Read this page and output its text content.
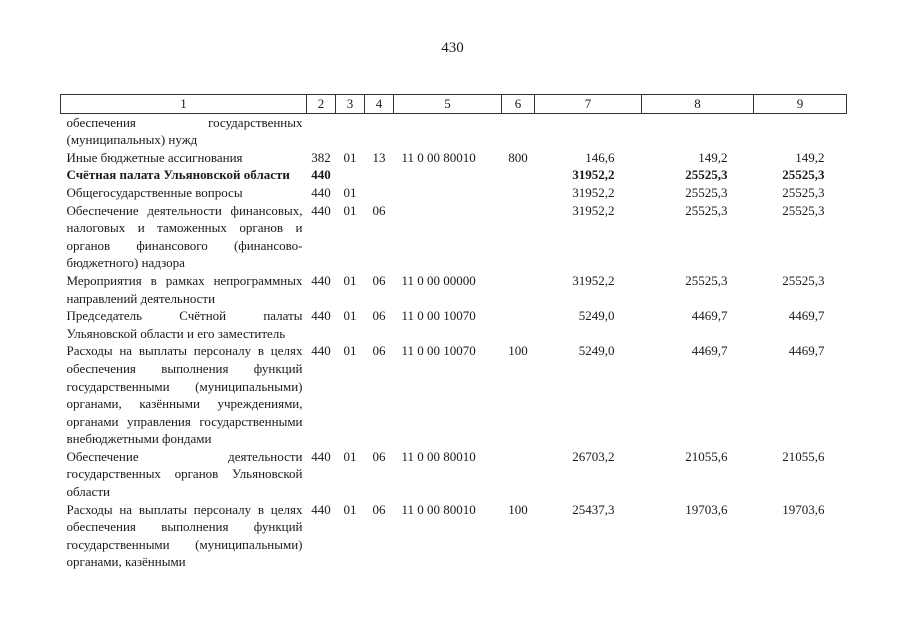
430
1	2	3	4	5	6	7	8	9
обеспечения государственных (муниципальных) нужд								
Иные бюджетные ассигнования	382	01	13	11 0 00 80010	800	146,6	149,2	149,2
Счётная палата Ульяновской области	440					31952,2	25525,3	25525,3
Общегосударственные вопросы	440	01				31952,2	25525,3	25525,3
Обеспечение деятельности финансовых, налоговых и таможенных органов и органов финансового (финансово-бюджетного) надзора	440	01	06			31952,2	25525,3	25525,3
Мероприятия в рамках непрограммных направлений деятельности	440	01	06	11 0 00 00000		31952,2	25525,3	25525,3
Председатель Счётной палаты Ульяновской области и его заместитель	440	01	06	11 0 00 10070		5249,0	4469,7	4469,7
Расходы на выплаты персоналу в целях обеспечения выполнения функций государственными (муниципальными) органами, казёнными учреждениями, органами управления государственными внебюджетными фондами	440	01	06	11 0 00 10070	100	5249,0	4469,7	4469,7
Обеспечение деятельности государственных органов Ульяновской области	440	01	06	11 0 00 80010		26703,2	21055,6	21055,6
Расходы на выплаты персоналу в целях обеспечения выполнения функций государственными (муниципальными) органами, казёнными	440	01	06	11 0 00 80010	100	25437,3	19703,6	19703,6
